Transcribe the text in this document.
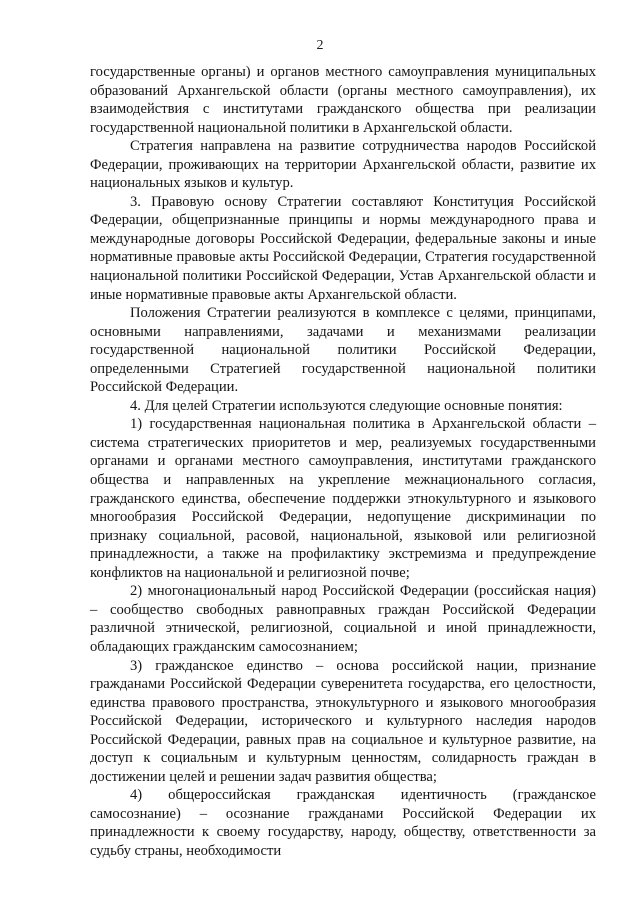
2

государственные органы) и органов местного самоуправления муниципальных образований Архангельской области (органы местного самоуправления), их взаимодействия с институтами гражданского общества при реализации государственной национальной политики в Архангельской области.

Стратегия направлена на развитие сотрудничества народов Российской Федерации, проживающих на территории Архангельской области, развитие их национальных языков и культур.

3. Правовую основу Стратегии составляют Конституция Российской Федерации, общепризнанные принципы и нормы международного права и международные договоры Российской Федерации, федеральные законы и иные нормативные правовые акты Российской Федерации, Стратегия государственной национальной политики Российской Федерации, Устав Архангельской области и иные нормативные правовые акты Архангельской области.

Положения Стратегии реализуются в комплексе с целями, принципами, основными направлениями, задачами и механизмами реализации государственной национальной политики Российской Федерации, определенными Стратегией государственной национальной политики Российской Федерации.

4. Для целей Стратегии используются следующие основные понятия:

1) государственная национальная политика в Архангельской области – система стратегических приоритетов и мер, реализуемых государственными органами и органами местного самоуправления, институтами гражданского общества и направленных на укрепление межнационального согласия, гражданского единства, обеспечение поддержки этнокультурного и языкового многообразия Российской Федерации, недопущение дискриминации по признаку социальной, расовой, национальной, языковой или религиозной принадлежности, а также на профилактику экстремизма и предупреждение конфликтов на национальной и религиозной почве;

2) многонациональный народ Российской Федерации (российская нация) – сообщество свободных равноправных граждан Российской Федерации различной этнической, религиозной, социальной и иной принадлежности, обладающих гражданским самосознанием;

3) гражданское единство – основа российской нации, признание гражданами Российской Федерации суверенитета государства, его целостности, единства правового пространства, этнокультурного и языкового многообразия Российской Федерации, исторического и культурного наследия народов Российской Федерации, равных прав на социальное и культурное развитие, на доступ к социальным и культурным ценностям, солидарность граждан в достижении целей и решении задач развития общества;

4) общероссийская гражданская идентичность (гражданское самосознание) – осознание гражданами Российской Федерации их принадлежности к своему государству, народу, обществу, ответственности за судьбу страны, необходимости
